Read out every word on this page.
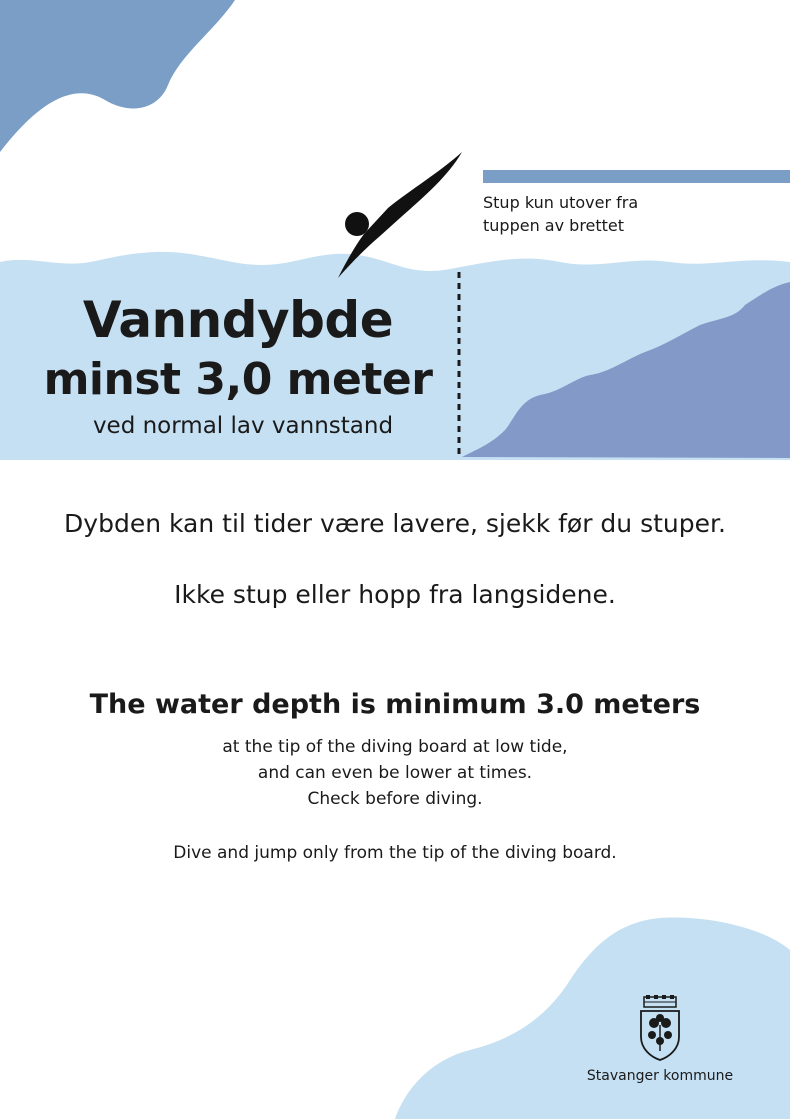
Vanndybde
minst 3,0 meter
ved normal lav vannstand
Stup kun utover fra
tuppen av brettet
Dybden kan til tider være lavere, sjekk før du stuper.
Ikke stup eller hopp fra langsidene.
The water depth is minimum 3.0 meters
at the tip of the diving board at low tide,
and can even be lower at times.
Check before diving.
Dive and jump only from the tip of the diving board.
Stavanger kommune
